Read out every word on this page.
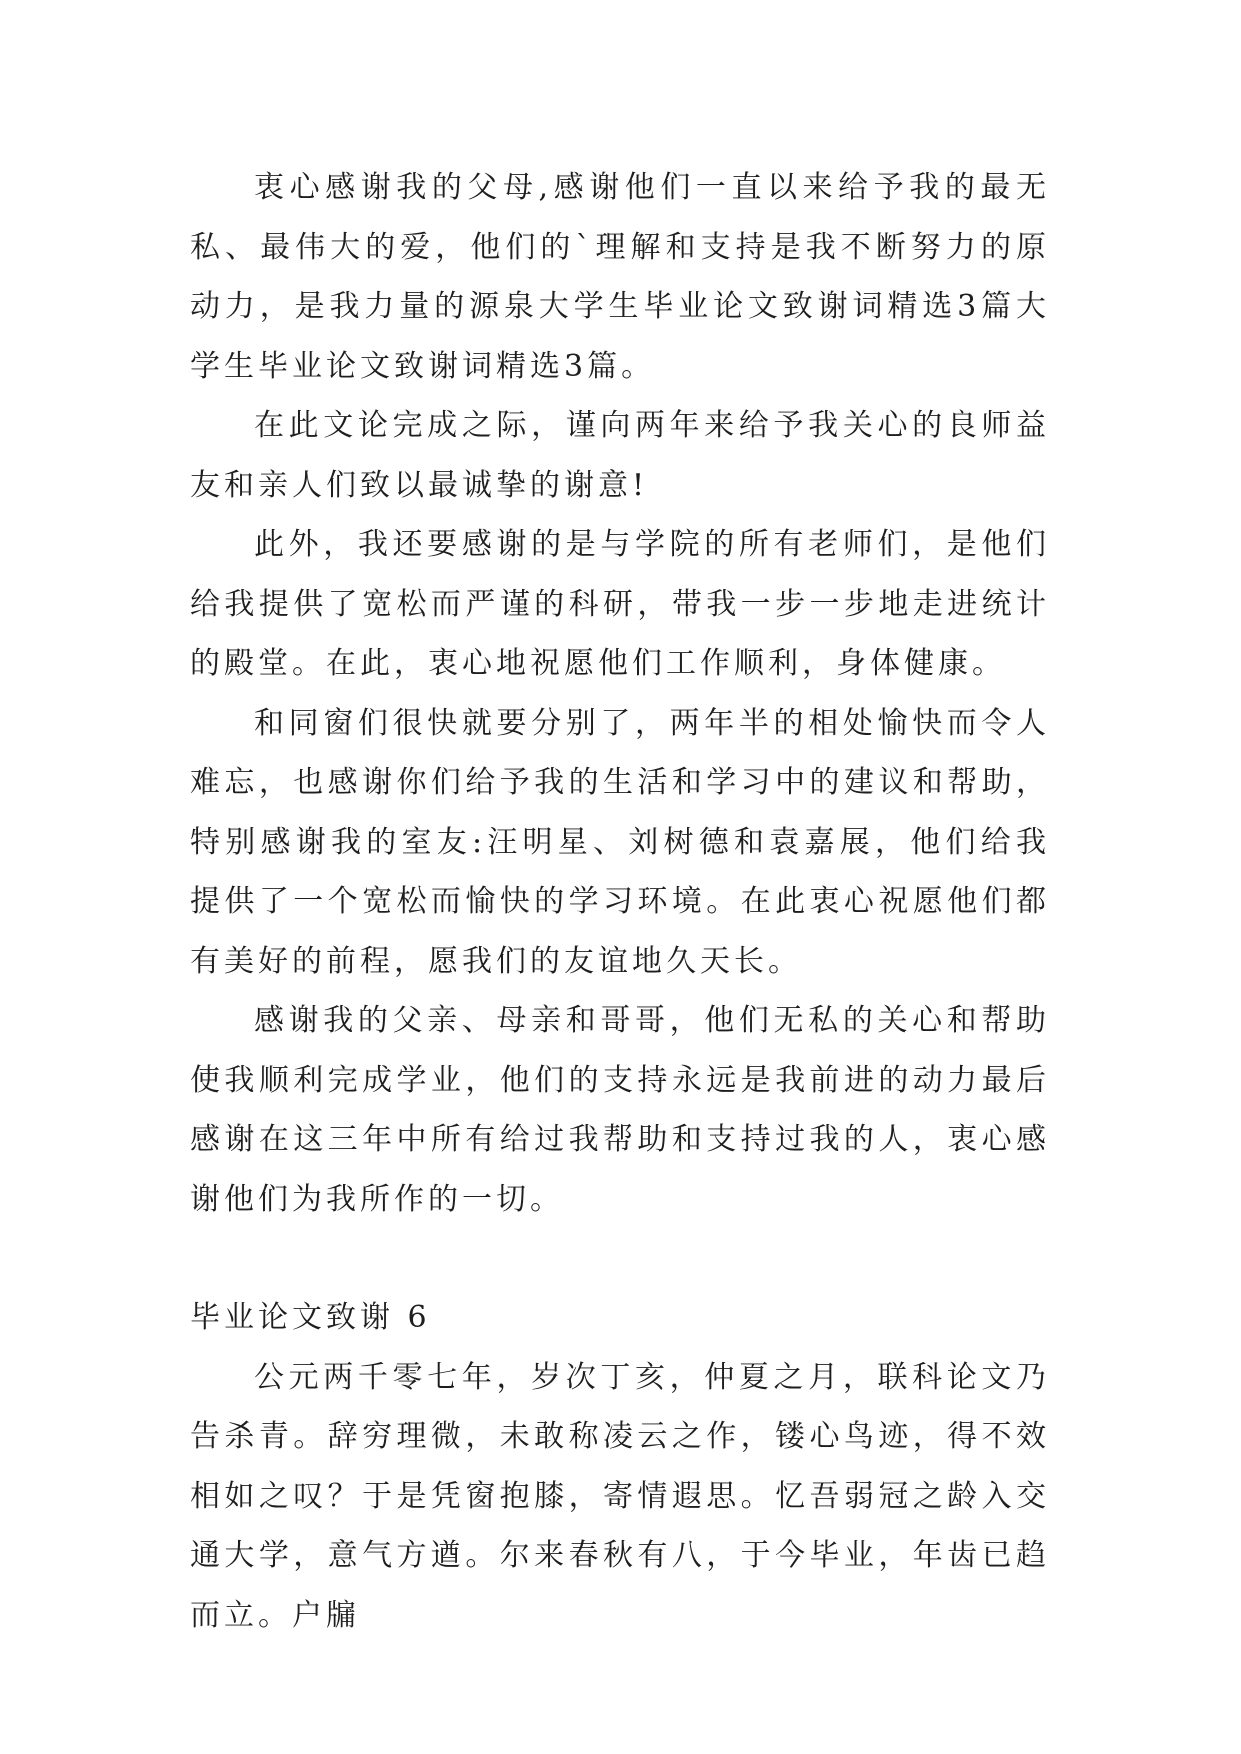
衷心感谢我的父母,感谢他们一直以来给予我的最无私、最伟大的爱，他们的`理解和支持是我不断努力的原动力，是我力量的源泉大学生毕业论文致谢词精选3篇大学生毕业论文致谢词精选3篇。

在此文论完成之际，谨向两年来给予我关心的良师益友和亲人们致以最诚挚的谢意!

此外，我还要感谢的是与学院的所有老师们，是他们给我提供了宽松而严谨的科研，带我一步一步地走进统计的殿堂。在此，衷心地祝愿他们工作顺利，身体健康。

和同窗们很快就要分别了，两年半的相处愉快而令人难忘，也感谢你们给予我的生活和学习中的建议和帮助，特别感谢我的室友:汪明星、刘树德和袁嘉展，他们给我提供了一个宽松而愉快的学习环境。在此衷心祝愿他们都有美好的前程，愿我们的友谊地久天长。

感谢我的父亲、母亲和哥哥，他们无私的关心和帮助使我顺利完成学业，他们的支持永远是我前进的动力最后感谢在这三年中所有给过我帮助和支持过我的人，衷心感谢他们为我所作的一切。

毕业论文致谢 6

公元两千零七年，岁次丁亥，仲夏之月，联科论文乃告杀青。辞穷理微，未敢称凌云之作，镂心鸟迹，得不效相如之叹？于是凭窗抱膝，寄情遐思。忆吾弱冠之龄入交通大学，意气方遒。尔来春秋有八，于今毕业，年齿已趋而立。户牖
